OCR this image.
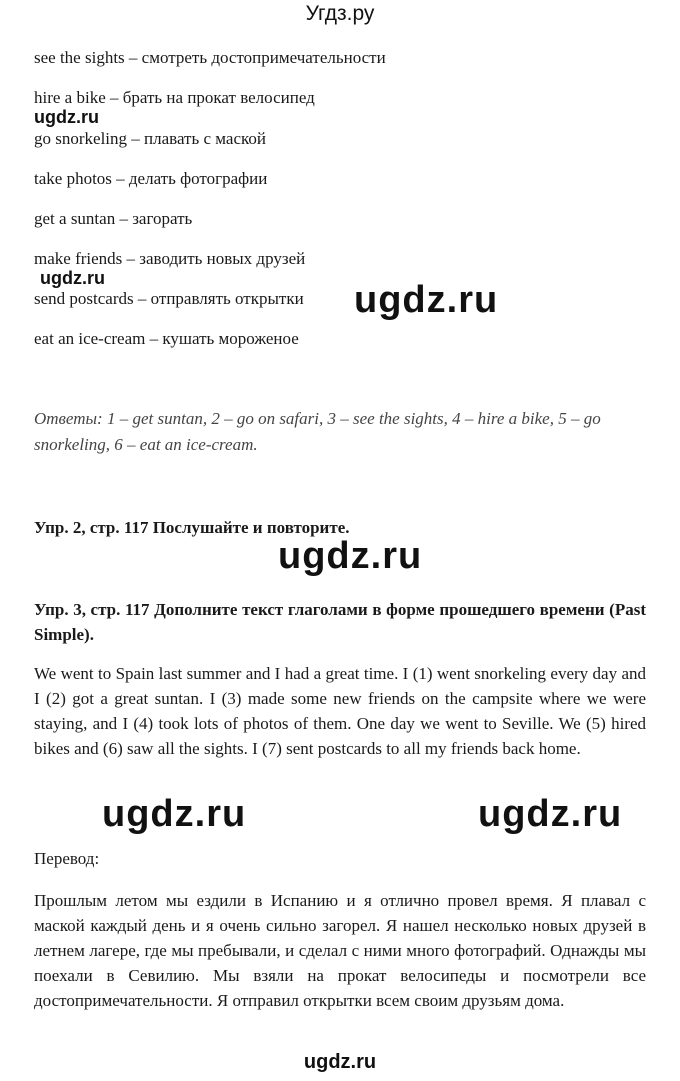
Угдз.ру
see the sights – смотреть достопримечательности
hire a bike – брать на прокат велосипед
ugdz.ru
go snorkeling – плавать с маской
take photos – делать фотографии
get a suntan – загорать
make friends – заводить новых друзей
ugdz.ru
send postcards – отправлять открытки ugdz.ru
eat an ice-cream – кушать мороженое
Ответы: 1 – get suntan, 2 – go on safari, 3 – see the sights, 4 – hire a bike, 5 – go snorkeling, 6 – eat an ice-cream.
Упр. 2, стр. 117 Послушайте и повторите.
ugdz.ru
Упр. 3, стр. 117 Дополните текст глаголами в форме прошедшего времени (Past Simple).
We went to Spain last summer and I had a great time. I (1) went snorkeling every day and I (2) got a great suntan. I (3) made some new friends on the campsite where we were staying, and I (4) took lots of photos of them. One day we went to Seville. We (5) hired bikes and (6) saw all the sights. I (7) sent postcards to all my friends back home.
ugdz.ru	ugdz.ru
Перевод:
Прошлым летом мы ездили в Испанию и я отлично провел время. Я плавал с маской каждый день и я очень сильно загорел. Я нашел несколько новых друзей в летнем лагере, где мы пребывали, и сделал с ними много фотографий. Однажды мы поехали в Севилию. Мы взяли на прокат велосипеды и посмотрели все достопримечательности. Я отправил открытки всем своим друзьям дома.
ugdz.ru
